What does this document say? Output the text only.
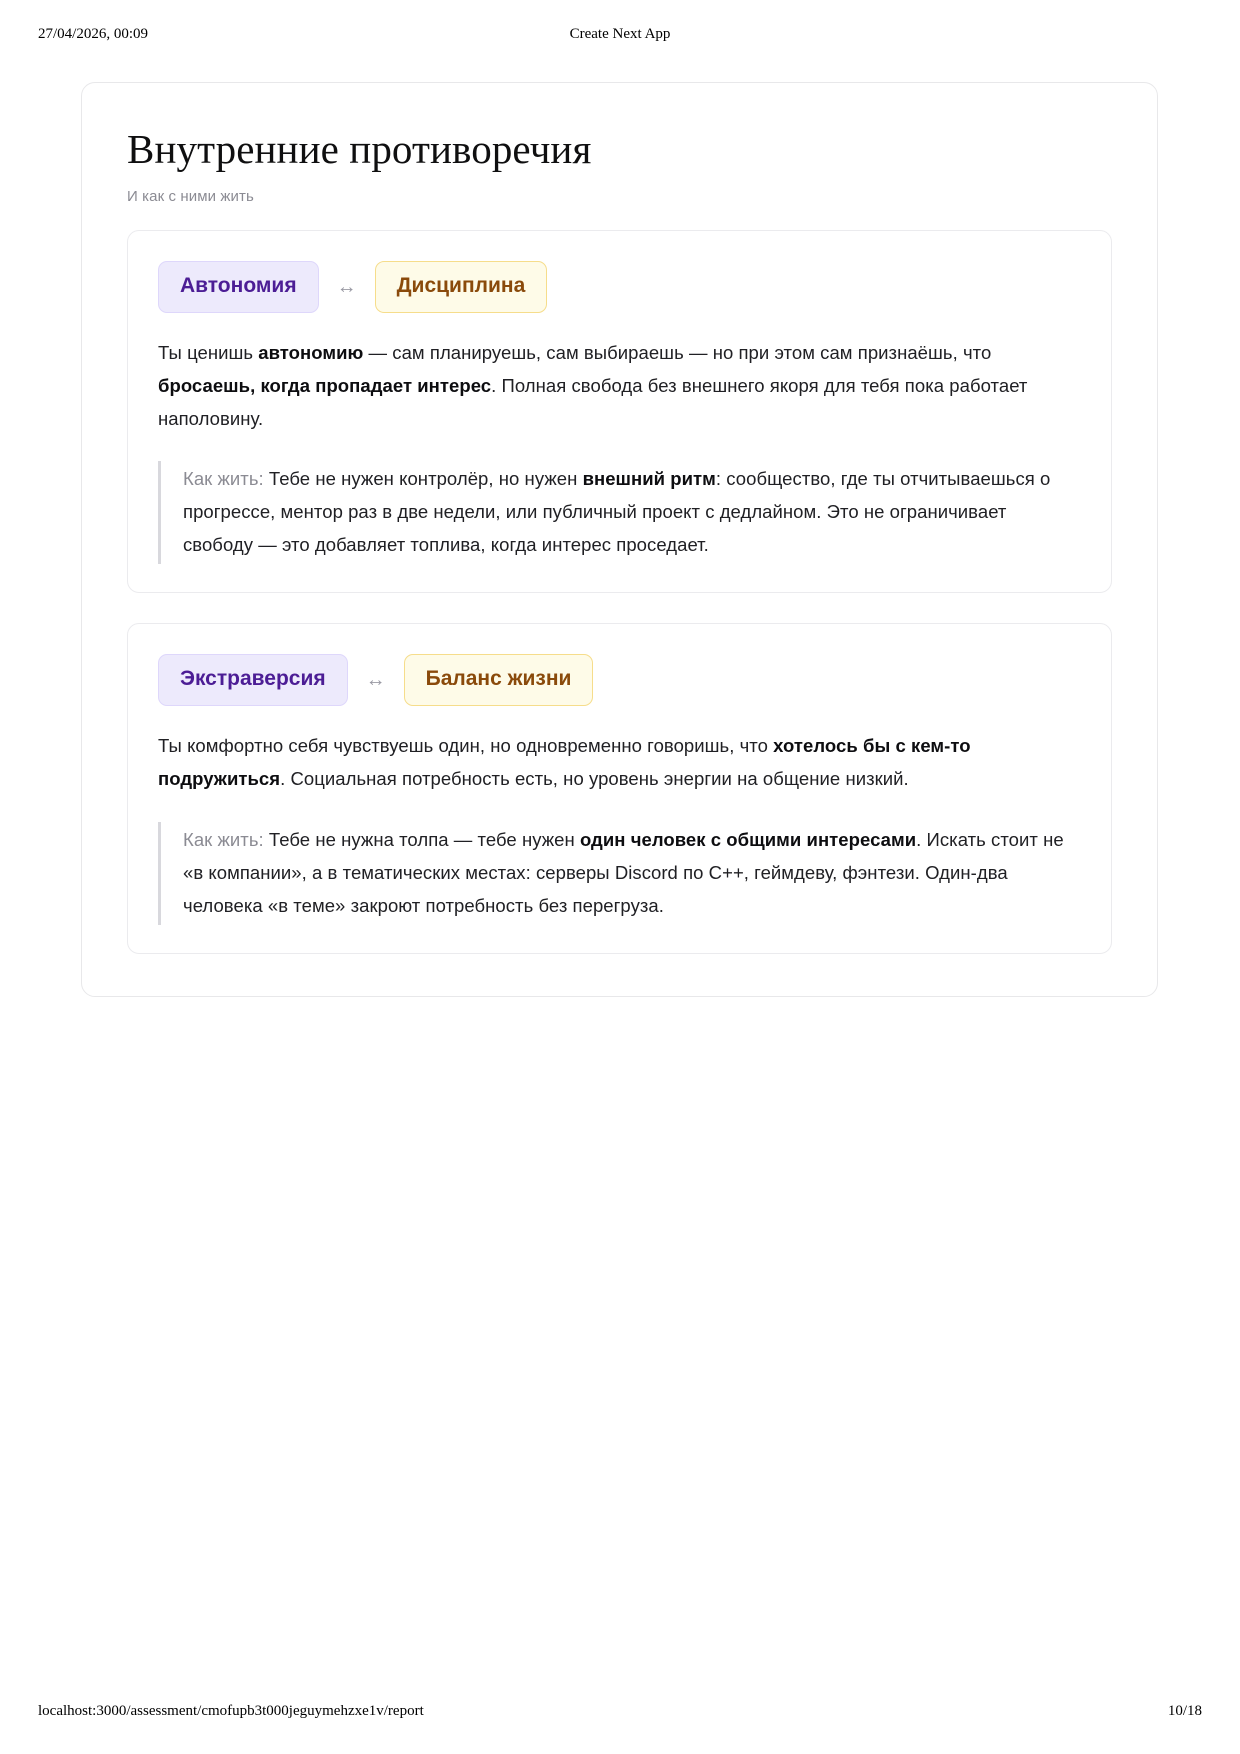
27/04/2026, 00:09	Create Next App
Внутренние противоречия
И как с ними жить
Автономия	↔	Дисциплина
Ты ценишь автономию — сам планируешь, сам выбираешь — но при этом сам признаёшь, что бросаешь, когда пропадает интерес. Полная свобода без внешнего якоря для тебя пока работает наполовину.
Как жить: Тебе не нужен контролёр, но нужен внешний ритм: сообщество, где ты отчитываешься о прогрессе, ментор раз в две недели, или публичный проект с дедлайном. Это не ограничивает свободу — это добавляет топлива, когда интерес проседает.
Экстраверсия	↔	Баланс жизни
Ты комфортно себя чувствуешь один, но одновременно говоришь, что хотелось бы с кем-то подружиться. Социальная потребность есть, но уровень энергии на общение низкий.
Как жить: Тебе не нужна толпа — тебе нужен один человек с общими интересами. Искать стоит не «в компании», а в тематических местах: серверы Discord по C++, геймдеву, фэнтези. Один-два человека «в теме» закроют потребность без перегруза.
localhost:3000/assessment/cmofupb3t000jeguymehzxe1v/report	10/18
